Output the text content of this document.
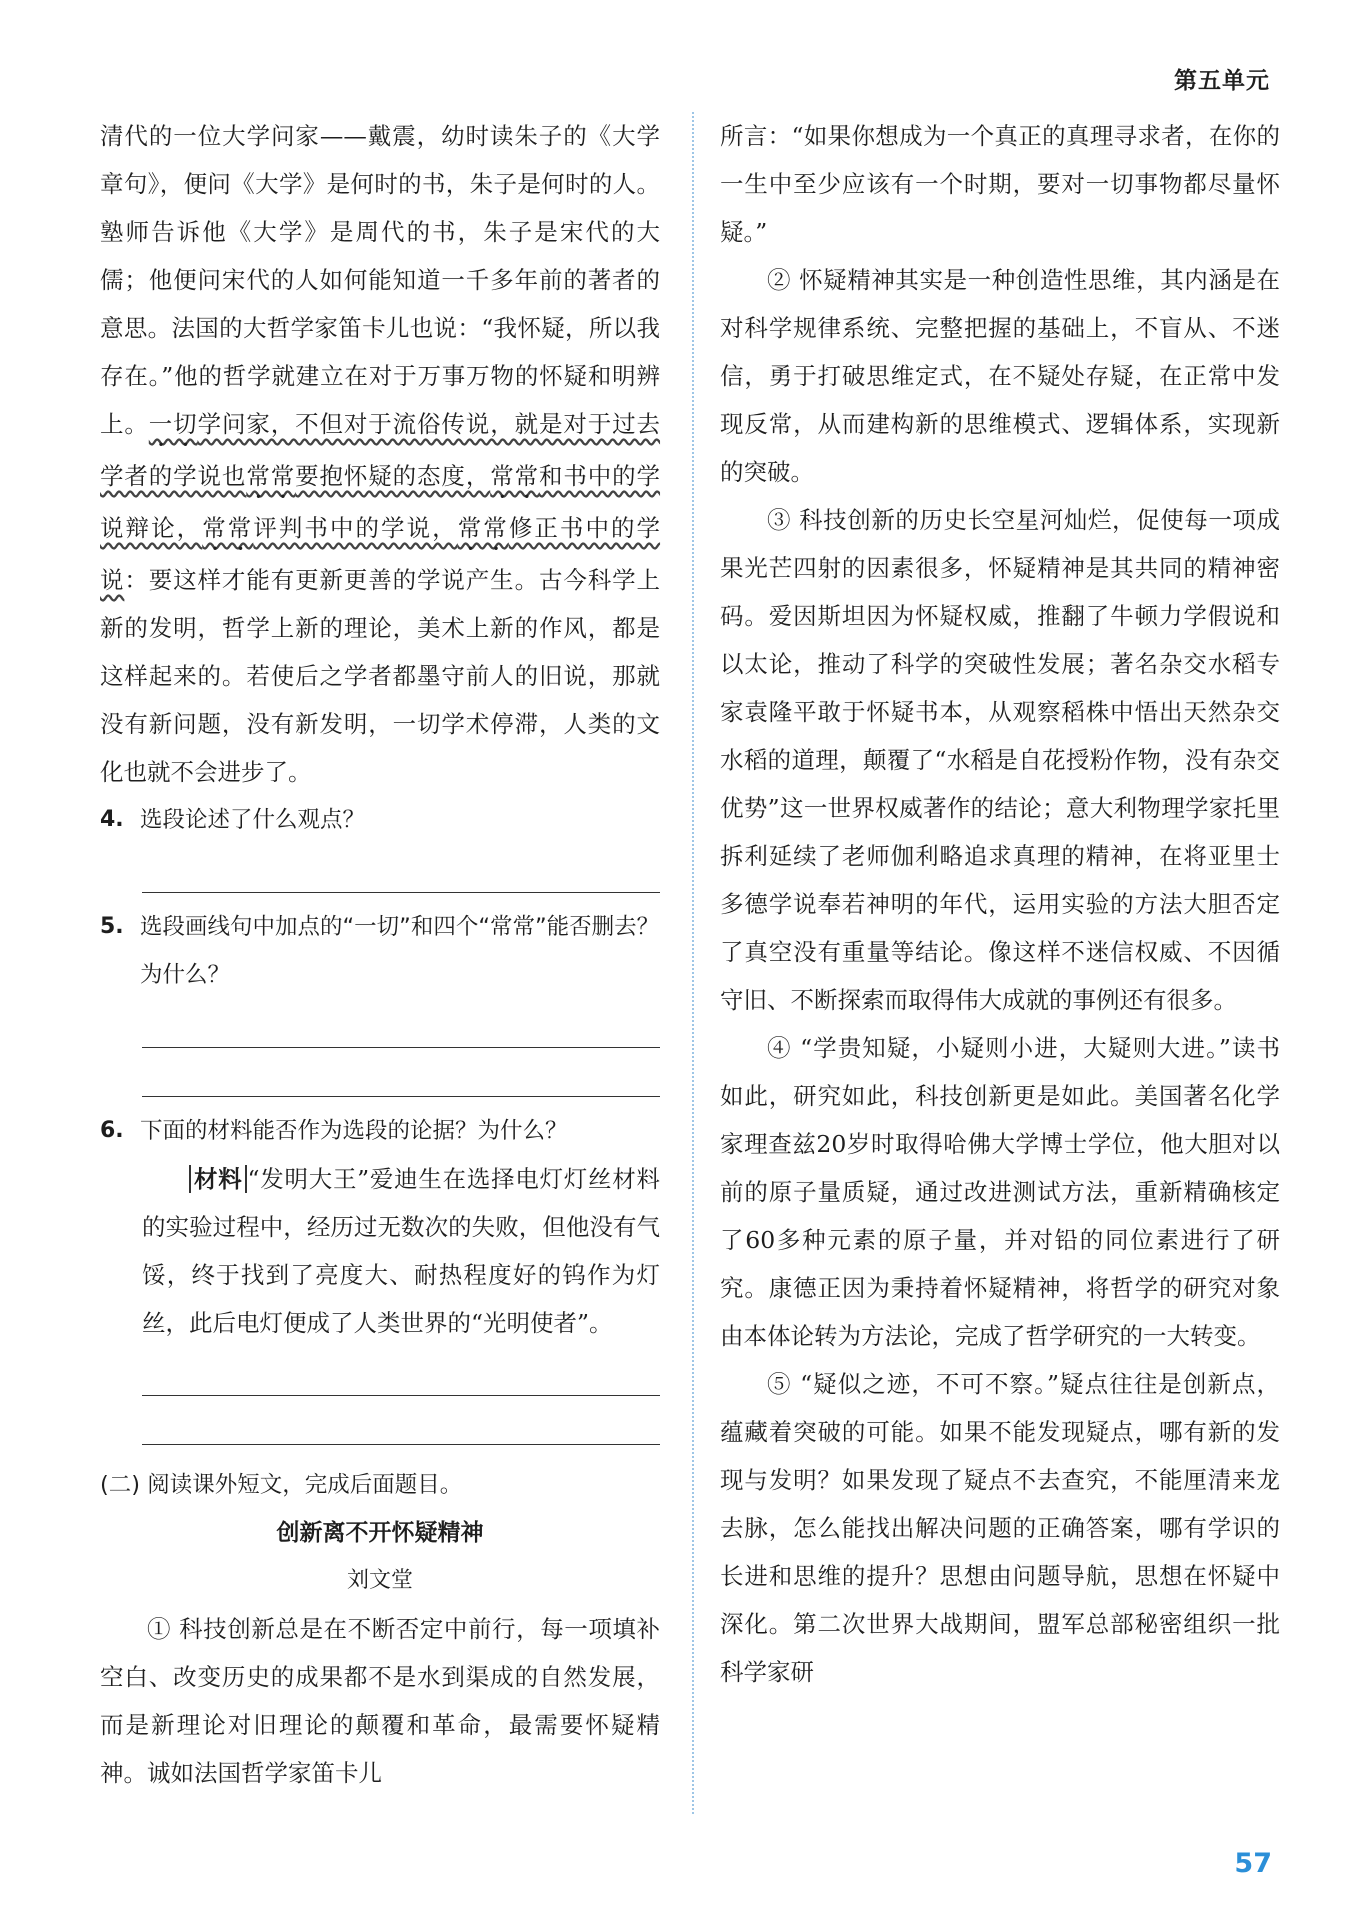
第五单元

清代的一位大学问家——戴震，幼时读朱子的《大学章句》，便问《大学》是何时的书，朱子是何时的人。塾师告诉他《大学》是周代的书，朱子是宋代的大儒；他便问宋代的人如何能知道一千多年前的著者的意思。法国的大哲学家笛卡儿也说：“我怀疑，所以我存在。”他的哲学就建立在对于万事万物的怀疑和明辨上。一切学问家，不但对于流俗传说，就是对于过去学者的学说也常常要抱怀疑的态度，常常和书中的学说辩论，常常评判书中的学说，常常修正书中的学说：要这样才能有更新更善的学说产生。古今科学上新的发明，哲学上新的理论，美术上新的作风，都是这样起来的。若使后之学者都墨守前人的旧说，那就没有新问题，没有新发明，一切学术停滞，人类的文化也就不会进步了。

4. 选段论述了什么观点？
5. 选段画线句中加点的“一切”和四个“常常”能否删去？为什么？
6. 下面的材料能否作为选段的论据？为什么？

材料 “发明大王”爱迪生在选择电灯灯丝材料的实验过程中，经历过无数次的失败，但他没有气馁，终于找到了亮度大、耐热程度好的钨作为灯丝，此后电灯便成了人类世界的“光明使者”。

(二) 阅读课外短文，完成后面题目。
创新离不开怀疑精神
刘文堂

① 科技创新总是在不断否定中前行，每一项填补空白、改变历史的成果都不是水到渠成的自然发展，而是新理论对旧理论的颠覆和革命，最需要怀疑精神。诚如法国哲学家笛卡儿

所言：“如果你想成为一个真正的真理寻求者，在你的一生中至少应该有一个时期，要对一切事物都尽量怀疑。”

② 怀疑精神其实是一种创造性思维，其内涵是在对科学规律系统、完整把握的基础上，不盲从、不迷信，勇于打破思维定式，在不疑处存疑，在正常中发现反常，从而建构新的思维模式、逻辑体系，实现新的突破。

③ 科技创新的历史长空星河灿烂，促使每一项成果光芒四射的因素很多，怀疑精神是其共同的精神密码。爱因斯坦因为怀疑权威，推翻了牛顿力学假说和以太论，推动了科学的突破性发展；著名杂交水稻专家袁隆平敢于怀疑书本，从观察稻株中悟出天然杂交水稻的道理，颠覆了“水稻是自花授粉作物，没有杂交优势”这一世界权威著作的结论；意大利物理学家托里拆利延续了老师伽利略追求真理的精神，在将亚里士多德学说奉若神明的年代，运用实验的方法大胆否定了真空没有重量等结论。像这样不迷信权威、不因循守旧、不断探索而取得伟大成就的事例还有很多。

④ “学贵知疑，小疑则小进，大疑则大进。”读书如此，研究如此，科技创新更是如此。美国著名化学家理查兹20岁时取得哈佛大学博士学位，他大胆对以前的原子量质疑，通过改进测试方法，重新精确核定了60多种元素的原子量，并对铅的同位素进行了研究。康德正因为秉持着怀疑精神，将哲学的研究对象由本体论转为方法论，完成了哲学研究的一大转变。

⑤ “疑似之迹，不可不察。”疑点往往是创新点，蕴藏着突破的可能。如果不能发现疑点，哪有新的发现与发明？如果发现了疑点不去查究，不能厘清来龙去脉，怎么能找出解决问题的正确答案，哪有学识的长进和思维的提升？思想由问题导航，思想在怀疑中深化。第二次世界大战期间，盟军总部秘密组织一批科学家研

57
